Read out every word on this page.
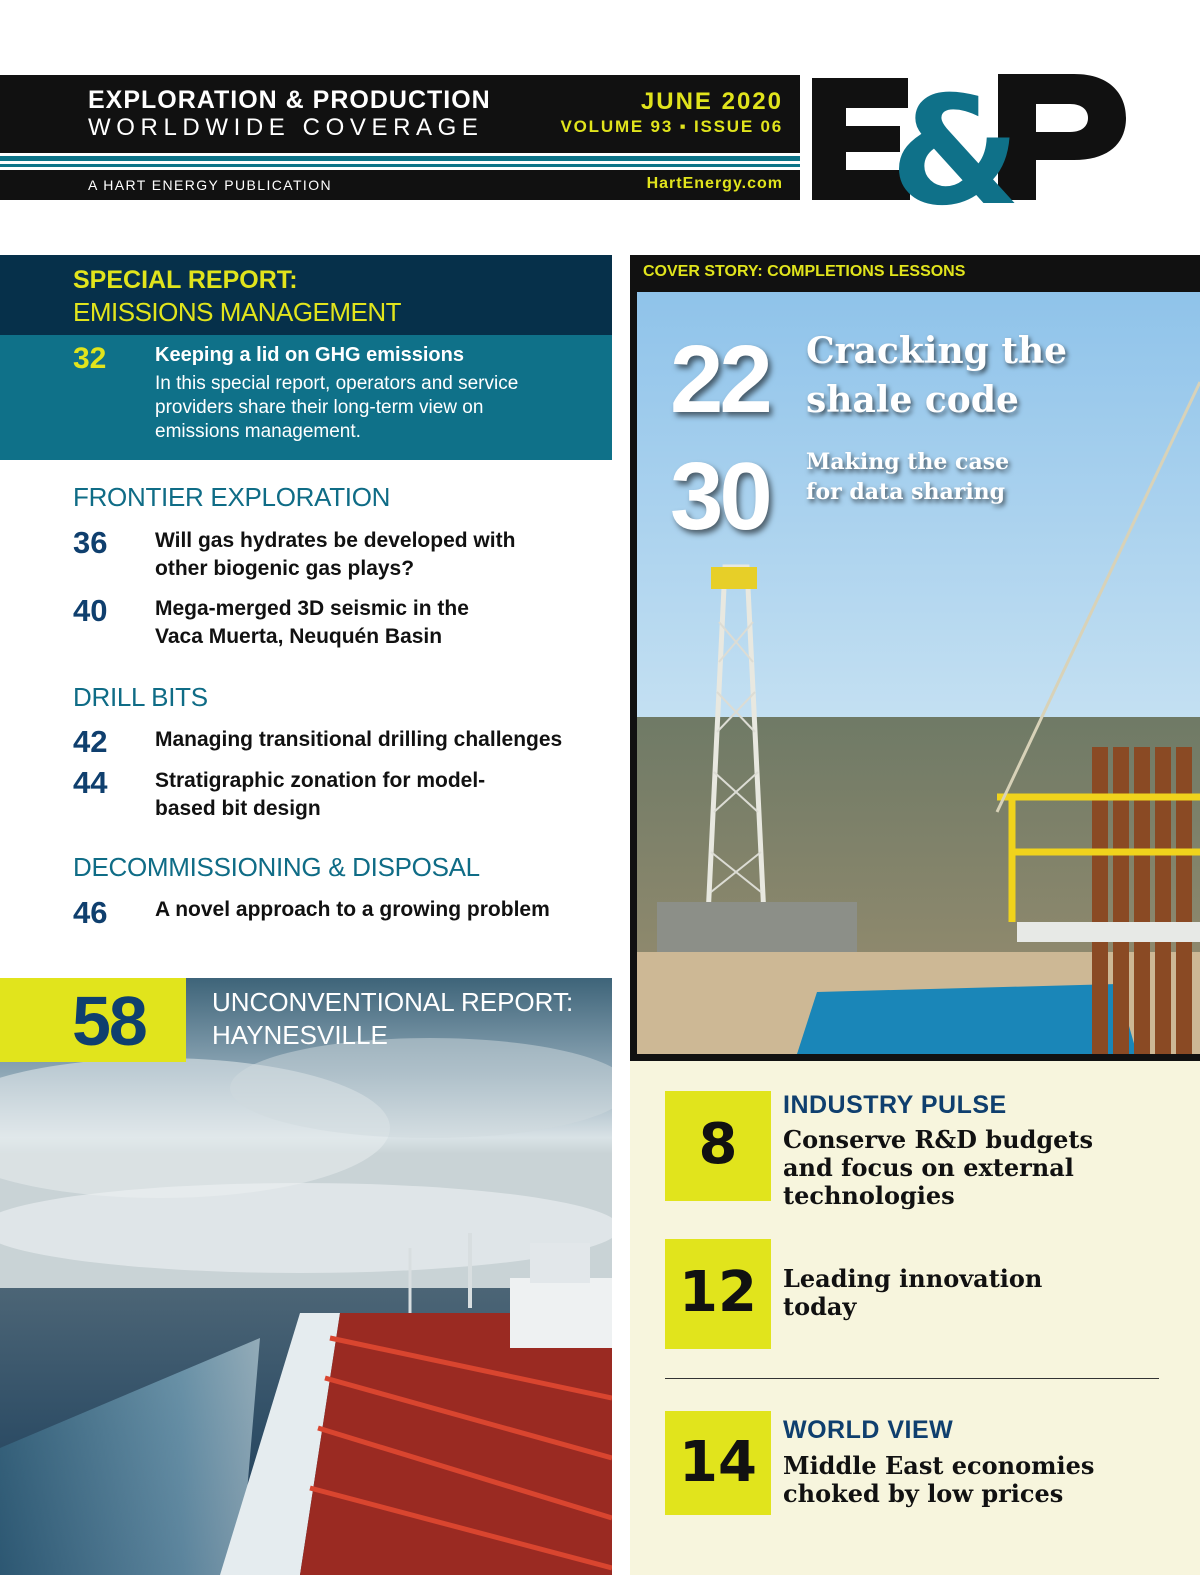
EXPLORATION & PRODUCTION
WORLDWIDE COVERAGE
JUNE 2020
VOLUME 93 ▪ ISSUE 06
A HART ENERGY PUBLICATION	HartEnergy.com &
SPECIAL REPORT:
EMISSIONS MANAGEMENT
32 Keeping a lid on GHG emissions
In this special report, operators and service providers share their long-term view on emissions management.
FRONTIER EXPLORATION
36 Will gas hydrates be developed with
other biogenic gas plays?
40 Mega-merged 3D seismic in the
Vaca Muerta, Neuquén Basin
DRILL BITS
42 Managing transitional drilling challenges
44 Stratigraphic zonation for model-
based bit design
DECOMMISSIONING & DISPOSAL
46 A novel approach to a growing problem
58	UNCONVENTIONAL REPORT:
HAYNESVILLE
COVER STORY: COMPLETIONS LESSONS
22 Cracking the
shale code
30 Making the case
for data sharing
8
INDUSTRY PULSE
Conserve R&D budgets
and focus on external
technologies
12	Leading innovation
today
14	WORLD VIEW
Middle East economies
choked by low prices
